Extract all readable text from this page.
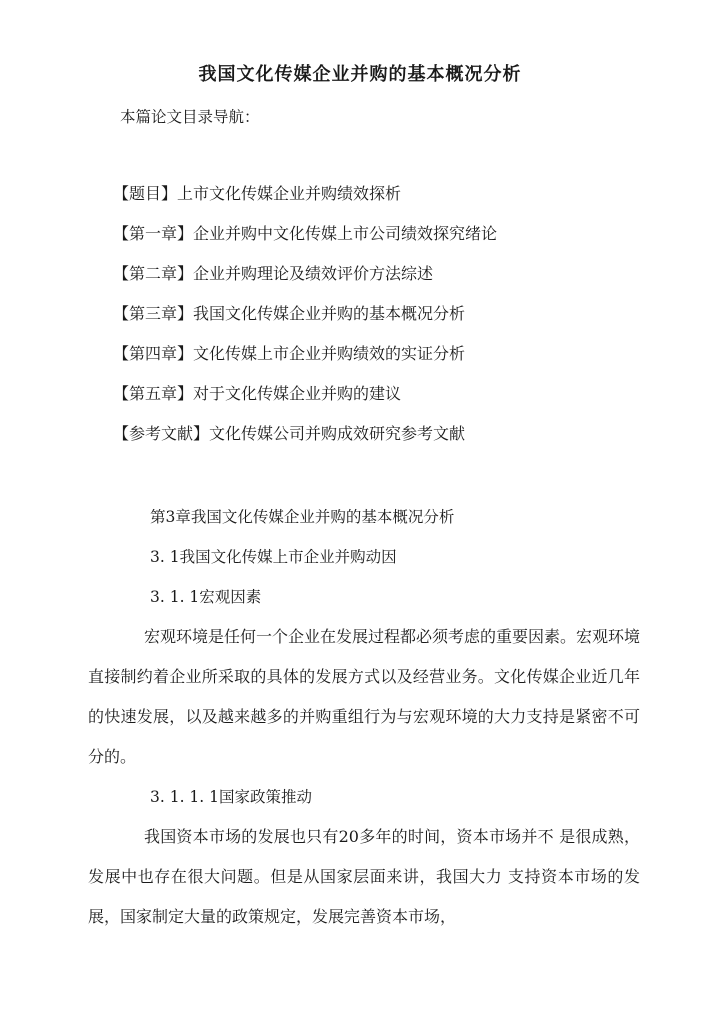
我国文化传媒企业并购的基本概况分析
本篇论文目录导航：
【题目】上市文化传媒企业并购绩效探析
【第一章】企业并购中文化传媒上市公司绩效探究绪论
【第二章】企业并购理论及绩效评价方法综述
【第三章】我国文化传媒企业并购的基本概况分析
【第四章】文化传媒上市企业并购绩效的实证分析
【第五章】对于文化传媒企业并购的建议
【参考文献】文化传媒公司并购成效研究参考文献
第3章我国文化传媒企业并购的基本概况分析
3. 1我国文化传媒上市企业并购动因
3. 1. 1宏观因素

宏观环境是任何一个企业在发展过程都必须考虑的重要因素。宏观环境直接制约着企业所采取的具体的发展方式以及经营业务。文化传媒企业近几年的快速发展，以及越来越多的并购重组行为与宏观环境的大力支持是紧密不可分的。

3. 1. 1. 1国家政策推动

我国资本市场的发展也只有20多年的时间，资本市场并不 是很成熟，发展中也存在很大问题。但是从国家层面来讲，我国大力 支持资本市场的发展，国家制定大量的政策规定，发展完善资本市场，
